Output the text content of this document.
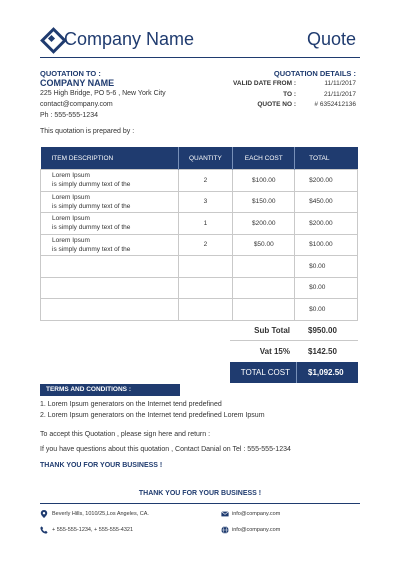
Company Name	Quote
QUOTATION TO :
COMPANY NAME
225 High Bridge, PO 5-6 , New York City
contact@company.com
Ph : 555-555-1234
QUOTATION DETAILS :
VALID DATE FROM :	11/11/2017
TO :	21/11/2017
QUOTE NO :	# 6352412136
This quotation is prepared by :
ITEM DESCRIPTION	QUANTITY	EACH COST	TOTAL

Lorem Ipsum
is simply dummy text of the	2	$100.00	$200.00

Lorem Ipsum
is simply dummy text of the	3	$150.00	$450.00

Lorem Ipsum
is simply dummy text of the	1	$200.00	$200.00

Lorem Ipsum
is simply dummy text of the	2	$50.00	$100.00

			$0.00

			$0.00

			$0.00
Sub Total $950.00
Vat 15% $142.50
TOTAL COST $1,092.50
TERMS AND CONDITIONS :
1. Lorem Ipsum generators on the Internet tend predefined
2. Lorem Ipsum generators on the Internet tend predefined Lorem Ipsum
To accept this Quotation , please sign here and return :
If you have questions about this quotation , Contact Danial on Tel : 555-555-1234
THANK YOU FOR YOUR BUSINESS !
THANK YOU FOR YOUR BUSINESS !
Beverly Hills, 1010/25,Los Angeles, CA.
+ 555-555-1234, + 555-555-4321
info@company.com
info@company.com
